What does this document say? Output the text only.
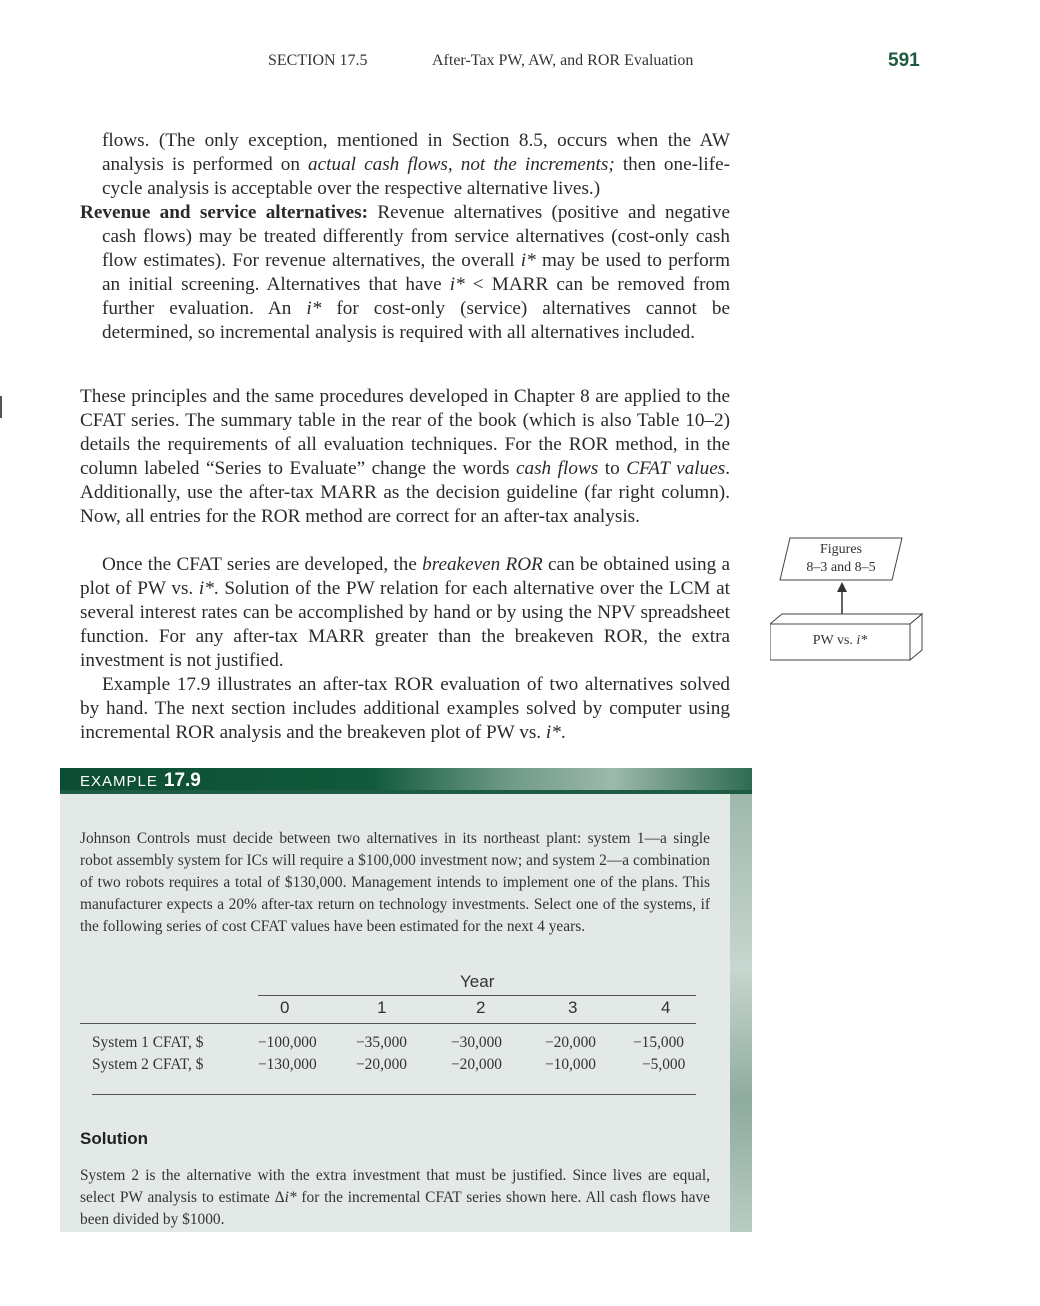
SECTION 17.5	After-Tax PW, AW, and ROR Evaluation	591

flows. (The only exception, mentioned in Section 8.5, occurs when the AW analysis is performed on actual cash flows, not the increments; then one-life-cycle analysis is acceptable over the respective alternative lives.)

Revenue and service alternatives: Revenue alternatives (positive and negative cash flows) may be treated differently from service alternatives (cost-only cash flow estimates). For revenue alternatives, the overall i* may be used to perform an initial screening. Alternatives that have i* < MARR can be removed from further evaluation. An i* for cost-only (service) alternatives cannot be determined, so incremental analysis is required with all alternatives included.

These principles and the same procedures developed in Chapter 8 are applied to the CFAT series. The summary table in the rear of the book (which is also Table 10–2) details the requirements of all evaluation techniques. For the ROR method, in the column labeled “Series to Evaluate” change the words cash flows to CFAT values. Additionally, use the after-tax MARR as the decision guideline (far right column). Now, all entries for the ROR method are correct for an after-tax analysis.

Once the CFAT series are developed, the breakeven ROR can be obtained using a plot of PW vs. i*. Solution of the PW relation for each alternative over the LCM at several interest rates can be accomplished by hand or by using the NPV spreadsheet function. For any after-tax MARR greater than the breakeven ROR, the extra investment is not justified.

Example 17.9 illustrates an after-tax ROR evaluation of two alternatives solved by hand. The next section includes additional examples solved by computer using incremental ROR analysis and the breakeven plot of PW vs. i*.

Figures
8–3 and 8–5
PW vs. i*
EXAMPLE 17.9

Johnson Controls must decide between two alternatives in its northeast plant: system 1—a single robot assembly system for ICs will require a $100,000 investment now; and system 2—a combination of two robots requires a total of $130,000. Management intends to implement one of the plans. This manufacturer expects a 20% after-tax return on technology investments. Select one of the systems, if the following series of cost CFAT values have been estimated for the next 4 years.

Year
0	1	2	3	4
System 1 CFAT, $	−100,000	−35,000	−30,000	−20,000 −15,000
System 2 CFAT, $	−130,000	−20,000	−20,000	−10,000	−5,000
Solution

System 2 is the alternative with the extra investment that must be justified. Since lives are equal, select PW analysis to estimate Δi* for the incremental CFAT series shown here. All cash flows have been divided by $1000.
